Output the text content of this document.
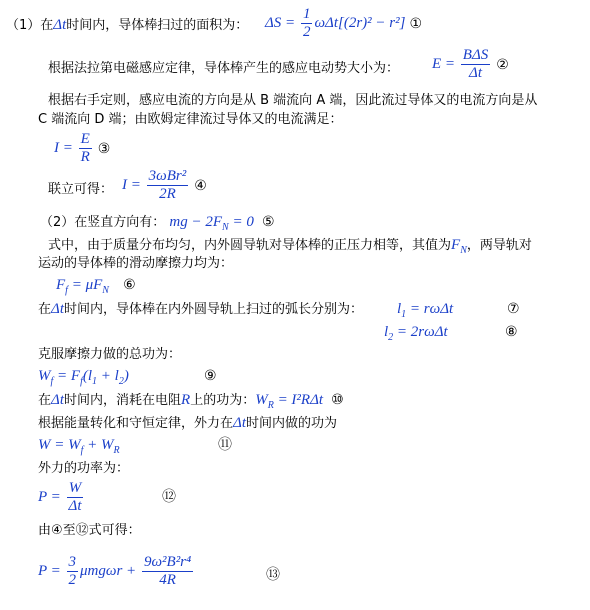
（1）在Δt时间内，导体棒扫过的面积为： $\Delta S = \frac{1}{2} \omega\Delta t[(2r)^2 - r^2]$ ①
根据法拉第电磁感应定律，导体棒产生的感应电动势大小为： $E = \frac{\text{BΔS}}{\Delta t}$ ②
根据右手定则，感应电流的方向是从 B 端流向 A 端，因此流过导体又的电流方向是从
C 端流向 D 端；由欧姆定律流过导体又的电流满足：
$I = \frac{E}{R}$ ③
联立可得： $I = \frac{\text{3ωBr²}}{2R}$ ④
（2）在竖直方向有： mg − $2F_N = 0$ ⑤
式中，由于质量分布均匀，内外圆导轨对导体棒的正压力相等，其值为$F_N$，两导轨对
运动的导体棒的滑动摩擦力均为：
$F_f = \mu F_N$ ⑥
在Δt时间内，导体棒在内外圆导轨上扫过的弧长分别为： $l_1 = r\omega\Delta t$	⑦
$l_2 = 2r\omega\Delta t$	⑧
克服摩擦力做的总功为：
$W_f = F_f(l_1 + l_2)$	⑨
在Δt时间内，消耗在电阻R上的功为：$W_R = I^2R\Delta t$ ⑩
根据能量转化和守恒定律，外力在Δt时间内做的功为
$W = W_f + W_R$	⑪
外力的功率为：
$P = \frac{W}{\Delta t}$	⑫
由④至⑫式可得：
$P = \frac{3}{2}$ $\mu mg\omega r + \frac{\text{9ω²B²r⁴}}{4R}$	⑬
